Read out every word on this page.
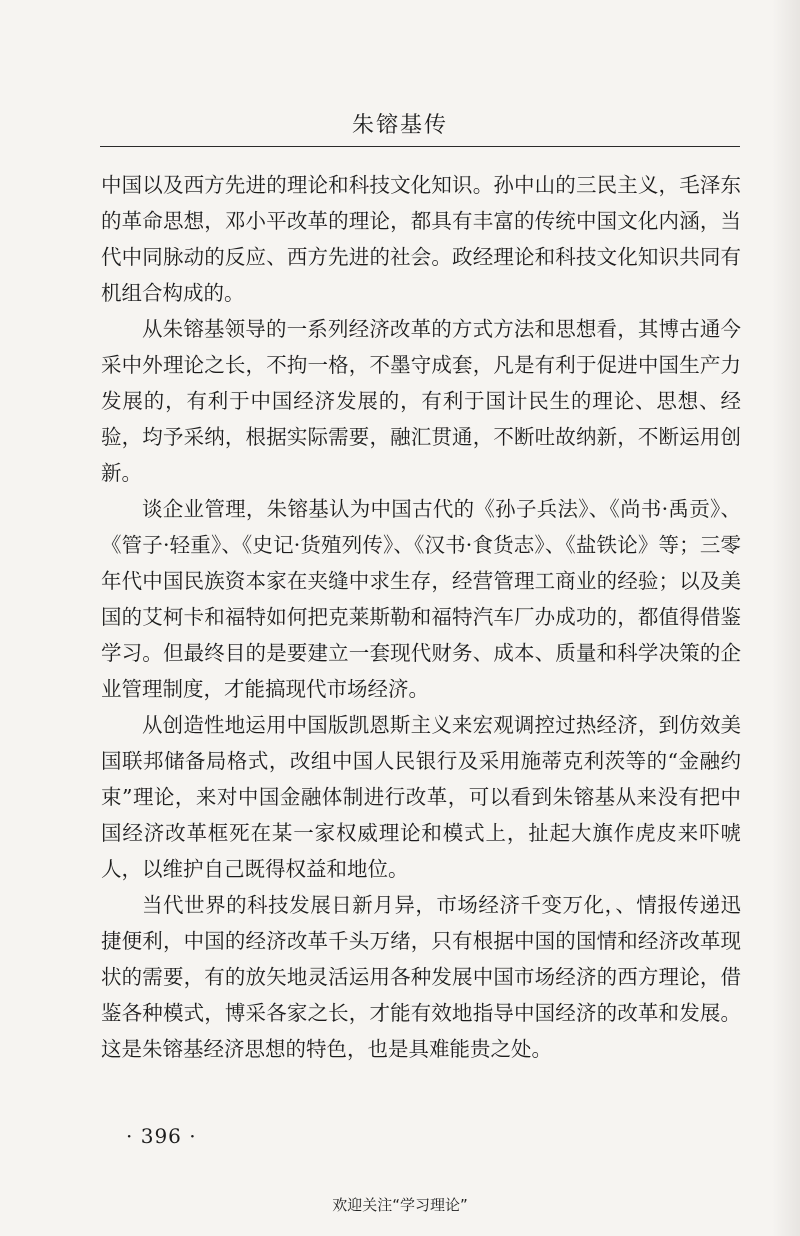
朱镕基传

中国以及西方先进的理论和科技文化知识。孙中山的三民主义，毛泽东的革命思想，邓小平改革的理论，都具有丰富的传统中国文化内涵，当代中同脉动的反应、西方先进的社会。政经理论和科技文化知识共同有机组合构成的。

从朱镕基领导的一系列经济改革的方式方法和思想看，其博古通今采中外理论之长，不拘一格，不墨守成套，凡是有利于促进中国生产力发展的，有利于中国经济发展的，有利于国计民生的理论、思想、经验，均予采纳，根据实际需要，融汇贯通，不断吐故纳新，不断运用创新。

谈企业管理，朱镕基认为中国古代的《孙子兵法》、《尚书·禹贡》、《管子·轻重》、《史记·货殖列传》、《汉书·食货志》、《盐铁论》等；三零年代中国民族资本家在夹缝中求生存，经营管理工商业的经验；以及美国的艾柯卡和福特如何把克莱斯勒和福特汽车厂办成功的，都值得借鉴学习。但最终目的是要建立一套现代财务、成本、质量和科学决策的企业管理制度，才能搞现代市场经济。

从创造性地运用中国版凯恩斯主义来宏观调控过热经济，到仿效美国联邦储备局格式，改组中国人民银行及采用施蒂克利茨等的“金融约束”理论，来对中国金融体制进行改革，可以看到朱镕基从来没有把中国经济改革框死在某一家权威理论和模式上，扯起大旗作虎皮来吓唬人，以维护自己既得权益和地位。

当代世界的科技发展日新月异，市场经济千变万化，、情报传递迅捷便利，中国的经济改革千头万绪，只有根据中国的国情和经济改革现状的需要，有的放矢地灵活运用各种发展中国市场经济的西方理论，借鉴各种模式，博采各家之长，才能有效地指导中国经济的改革和发展。这是朱镕基经济思想的特色，也是具难能贵之处。

· 396 ·
欢迎关注“学习理论”
